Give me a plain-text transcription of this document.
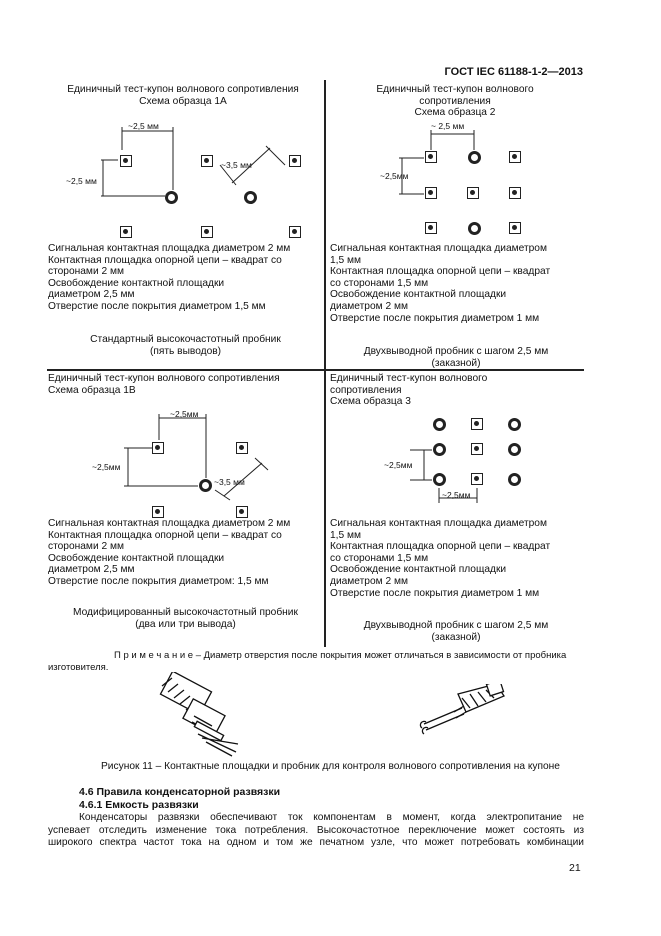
ГОСТ IEC 61188-1-2—2013
Единичный тест-купон волнового сопротивления
Схема образца 1А
~2,5 мм
~2,5 мм
~3,5 мм
Сигнальная контактная площадка диаметром 2 мм
Контактная площадка опорной цепи – квадрат со
сторонами 2 мм
Освобождение контактной площадки
диаметром 2,5 мм
Отверстие после покрытия диаметром 1,5 мм
Стандартный высокочастотный пробник
(пять выводов)
Единичный тест-купон волнового
сопротивления
Схема образца 2
~ 2,5 мм
~2,5мм
Сигнальная контактная площадка диаметром
1,5 мм
Контактная площадка опорной цепи – квадрат
со сторонами 1,5 мм
Освобождение контактной площадки
диаметром 2 мм
Отверстие после покрытия диаметром 1 мм
Двухвыводной пробник с шагом 2,5 мм
(заказной)
Единичный тест-купон волнового сопротивления
Схема образца 1В
~2,5мм
~2,5мм
~3,5 мм
Сигнальная контактная площадка диаметром 2 мм
Контактная площадка опорной цепи – квадрат со
сторонами 2 мм
Освобождение контактной площадки
диаметром 2,5 мм
Отверстие после покрытия диаметром: 1,5 мм
Модифицированный высокочастотный пробник
(два или три вывода)
Единичный тест-купон волнового
сопротивления
Схема образца 3
~2,5мм
~2,5мм
Сигнальная контактная площадка диаметром
1,5 мм
Контактная площадка опорной цепи – квадрат
со сторонами 1,5 мм
Освобождение контактной площадки
диаметром 2 мм
Отверстие после покрытия диаметром 1 мм
Двухвыводной пробник с шагом 2,5 мм
(заказной)
П р и м е ч а н и е – Диаметр отверстия после покрытия может отличаться в зависимости от пробника
изготовителя.
Рисунок 11 – Контактные площадки и пробник для контроля волнового сопротивления на купоне
4.6 Правила конденсаторной развязки
4.6.1 Емкость развязки
Конденсаторы развязки обеспечивают ток компонентам в момент, когда электропитание не
успевает отследить изменение тока потребления. Высокочастотное переключение может состоять из
широкого спектра частот тока на одном и том же печатном узле, что может потребовать комбинации
21
